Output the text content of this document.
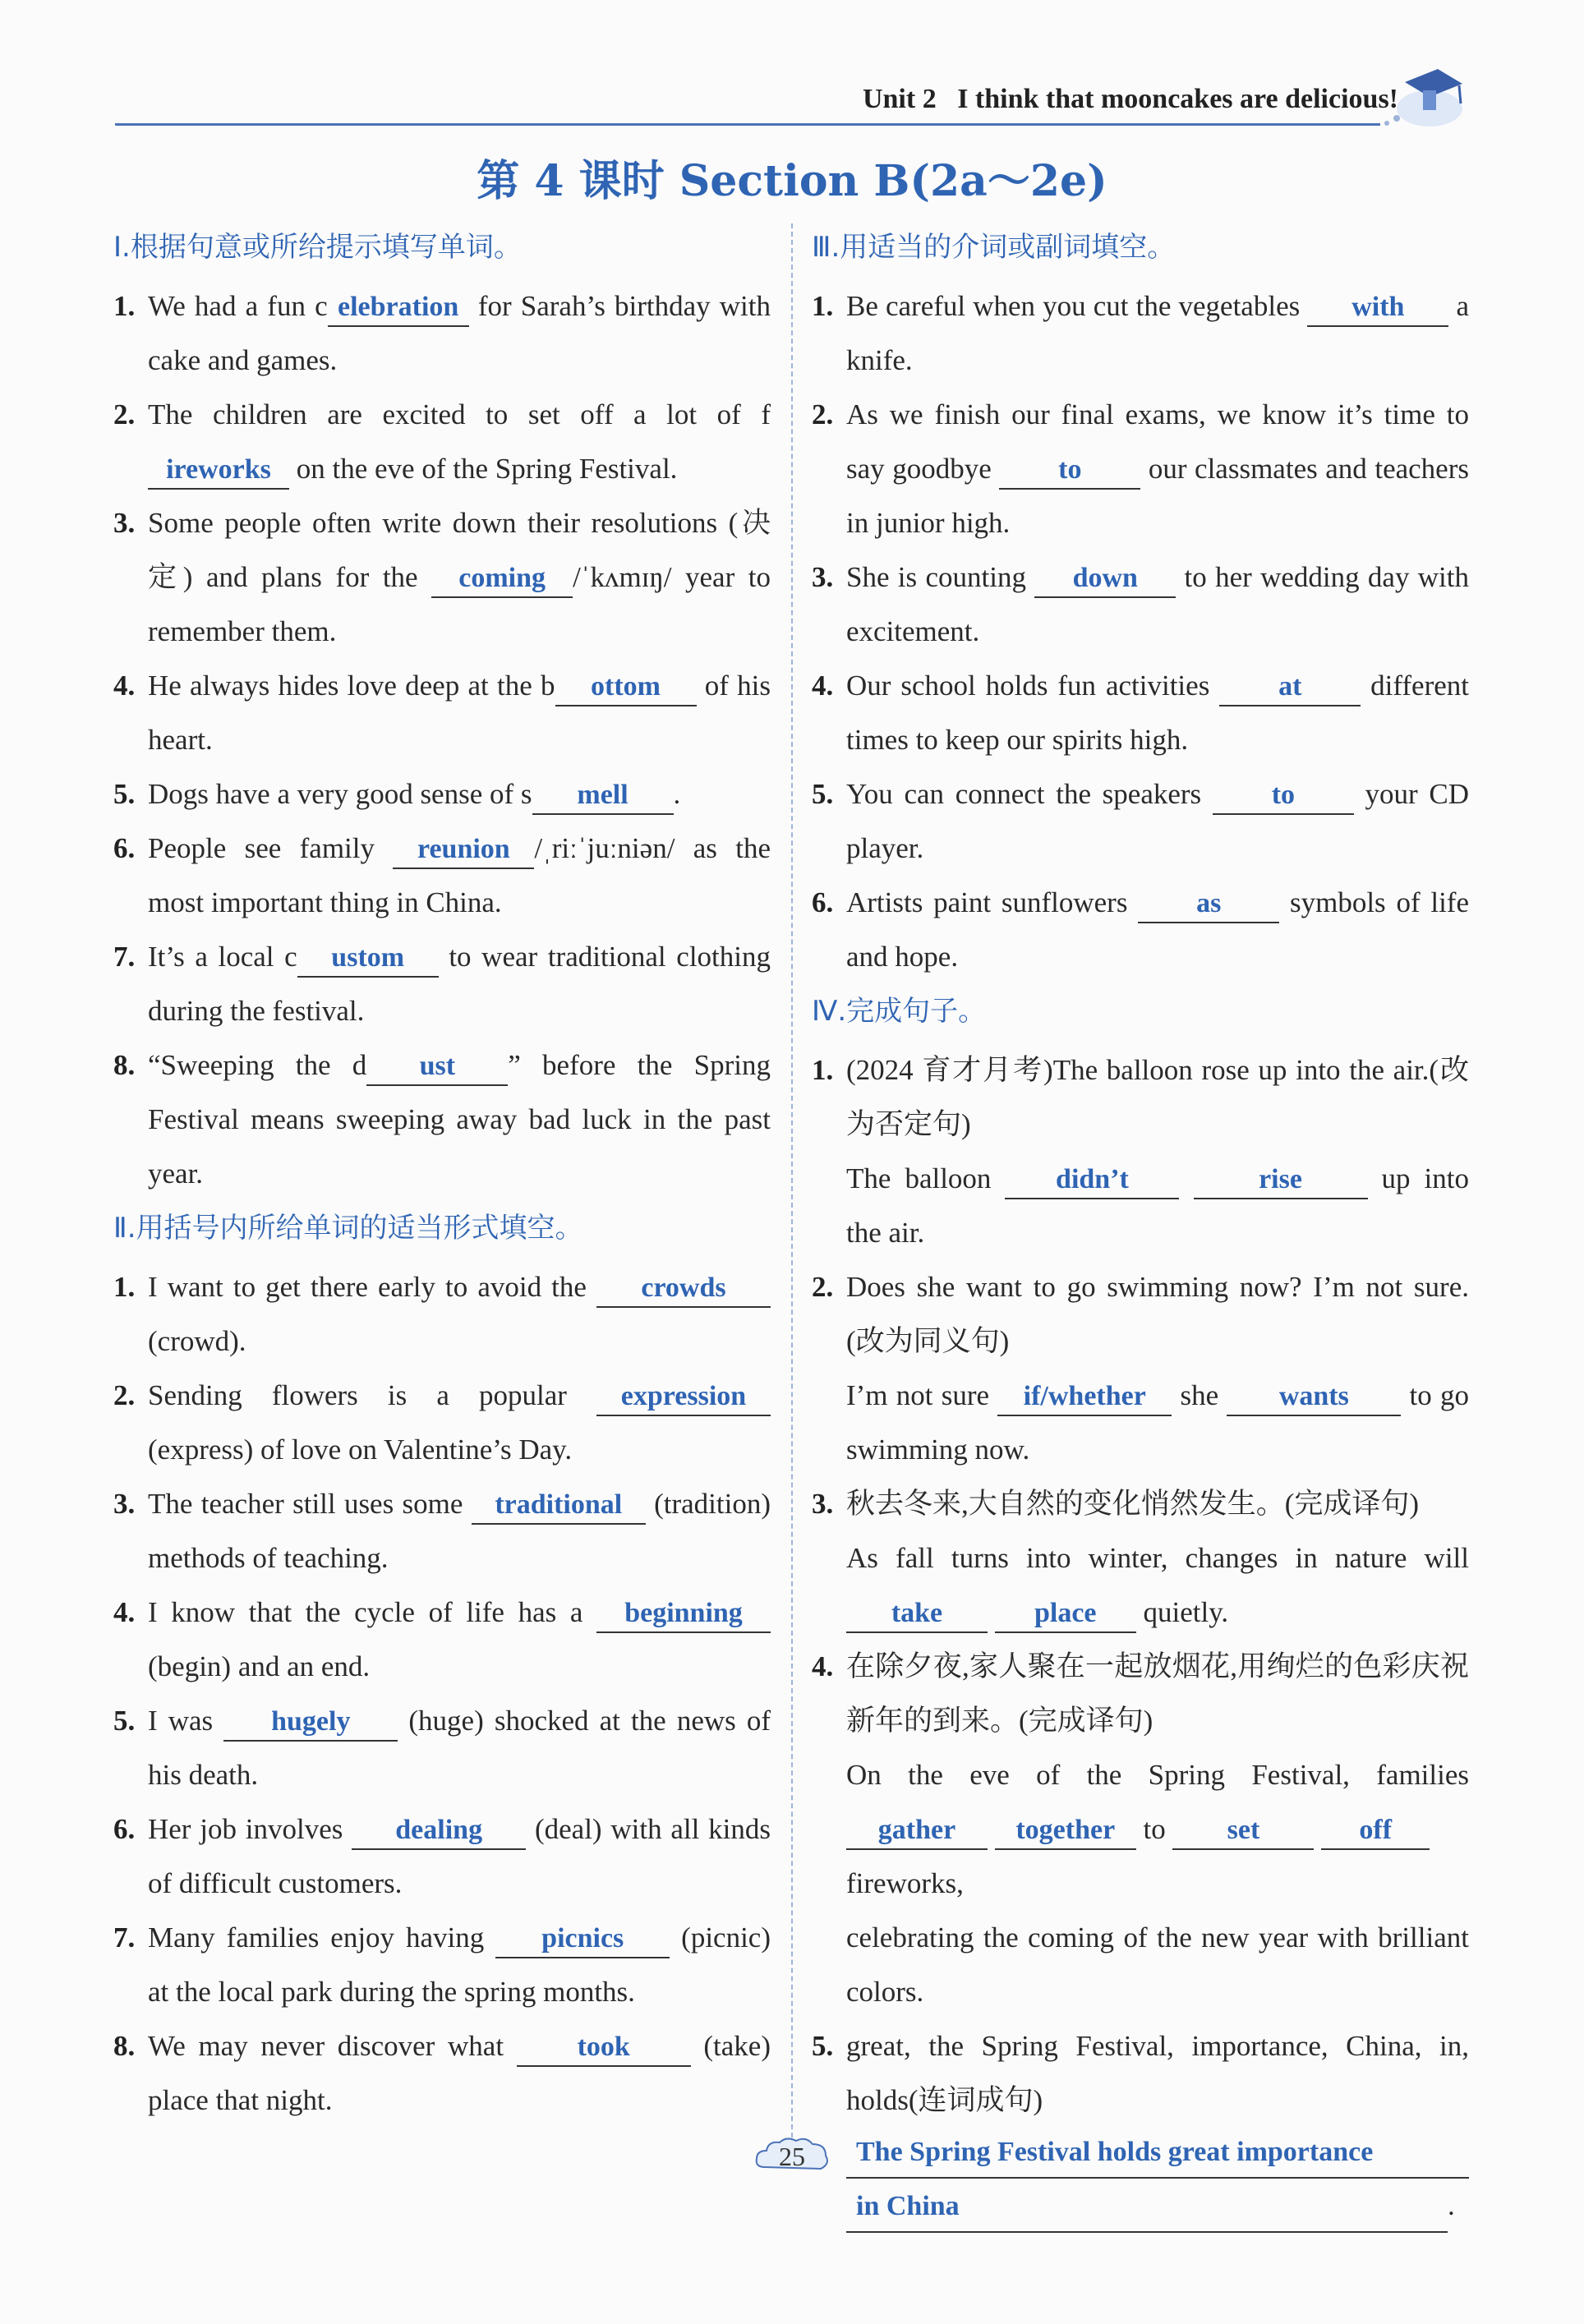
Unit 2   I think that mooncakes are delicious!
第 4 课时 Section B(2a～2e)
Ⅰ.根据句意或所给提示填写单词。

1. We had a fun c elebration for Sarah’s birthday with cake and games.

2. The children are excited to set off a lot of fireworks on the eve of the Spring Festival.

3. Some people often write down their resolutions (决定) and plans for the coming /ˈkʌmɪŋ/ year to remember them.

4. He always hides love deep at the b ottom of his heart.

5. Dogs have a very good sense of s mell .

6. People see family reunion /ˌriːˈjuːniən/ as the most important thing in China.

7. It’s a local c ustom to wear traditional clothing during the festival.

8. “Sweeping the d ust ” before the Spring Festival means sweeping away bad luck in the past year.

Ⅱ.用括号内所给单词的适当形式填空。

1. I want to get there early to avoid the crowds (crowd).

2. Sending flowers is a popular expression (express) of love on Valentine’s Day.

3. The teacher still uses some traditional (tradition) methods of teaching.

4. I know that the cycle of life has a beginning (begin) and an end.

5. I was hugely (huge) shocked at the news of his death.

6. Her job involves dealing (deal) with all kinds of difficult customers.

7. Many families enjoy having picnics (picnic) at the local park during the spring months.

8. We may never discover what took (take) place that night.

Ⅲ.用适当的介词或副词填空。

1. Be careful when you cut the vegetables with a knife.

2. As we finish our final exams, we know it’s time to say goodbye to our classmates and teachers in junior high.

3. She is counting down to her wedding day with excitement.

4. Our school holds fun activities at different times to keep our spirits high.

5. You can connect the speakers to your CD player.

6. Artists paint sunflowers as symbols of life and hope.

Ⅳ.完成句子。

1. (2024 育才月考)The balloon rose up into the air.(改为否定句)
The balloon didn’t	rise up into the air.

2. Does she want to go swimming now? I’m not sure.(改为同义句)
I’m not sure if/whether she wants to go swimming now.

3. 秋去冬来,大自然的变化悄然发生。(完成译句)
As fall turns into winter, changes in nature will take	place quietly.

4. 在除夕夜,家人聚在一起放烟花,用绚烂的色彩庆祝新年的到来。(完成译句)
On the eve of the Spring Festival, families gather together to set	off
fireworks,
celebrating the coming of the new year with brilliant colors.

5. great, the Spring Festival, importance, China, in, holds(连词成句)
The Spring Festival holds great importance
in China	.

25
